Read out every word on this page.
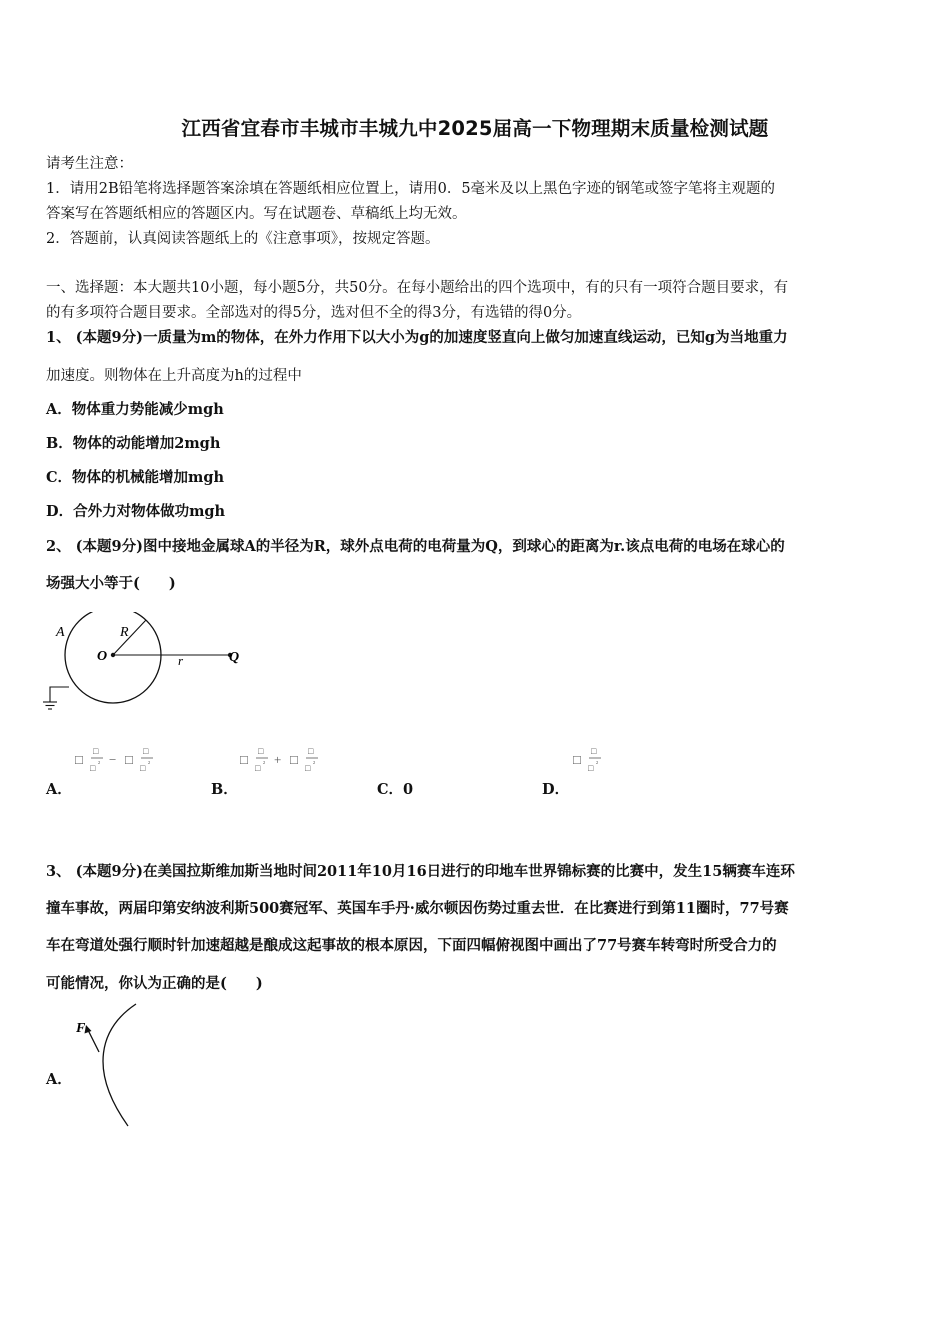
江西省宜春市丰城市丰城九中2025届高一下物理期末质量检测试题
请考生注意：
1．请用2B铅笔将选择题答案涂填在答题纸相应位置上，请用0．5毫米及以上黑色字迹的钢笔或签字笔将主观题的
答案写在答题纸相应的答题区内。写在试题卷、草稿纸上均无效。
2．答题前，认真阅读答题纸上的《注意事项》，按规定答题。
一、选择题：本大题共10小题，每小题5分，共50分。在每小题给出的四个选项中，有的只有一项符合题目要求，有
的有多项符合题目要求。全部选对的得5分，选对但不全的得3分，有选错的得0分。
1、 (本题9分)一质量为m的物体，在外力作用下以大小为g的加速度竖直向上做匀加速直线运动，已知g为当地重力
加速度。则物体在上升高度为h的过程中
A．物体重力势能减少mgh
B．物体的动能增加2mgh
C．物体的机械能增加mgh
D．合外力对物体做功mgh
2、 (本题9分)图中接地金属球A的半径为R，球外点电荷的电荷量为Q，到球心的距离为r.该点电荷的电场在球心的
场强大小等于(　　)
A	R
O	r	Q
□
□
□ ² − □
□
□ ²	□
□
□ ² + □
□
□ ²	□
□
□ ²
A．	B．	C．0	D．
3、 (本题9分)在美国拉斯维加斯当地时间2011年10月16日进行的印地车世界锦标赛的比赛中，发生15辆赛车连环
撞车事故，两届印第安纳波利斯500赛冠军、英国车手丹·威尔顿因伤势过重去世．在比赛进行到第11圈时，77号赛
车在弯道处强行顺时针加速超越是酿成这起事故的根本原因，下面四幅俯视图中画出了77号赛车转弯时所受合力的
可能情况，你认为正确的是(　　)
F
A．
